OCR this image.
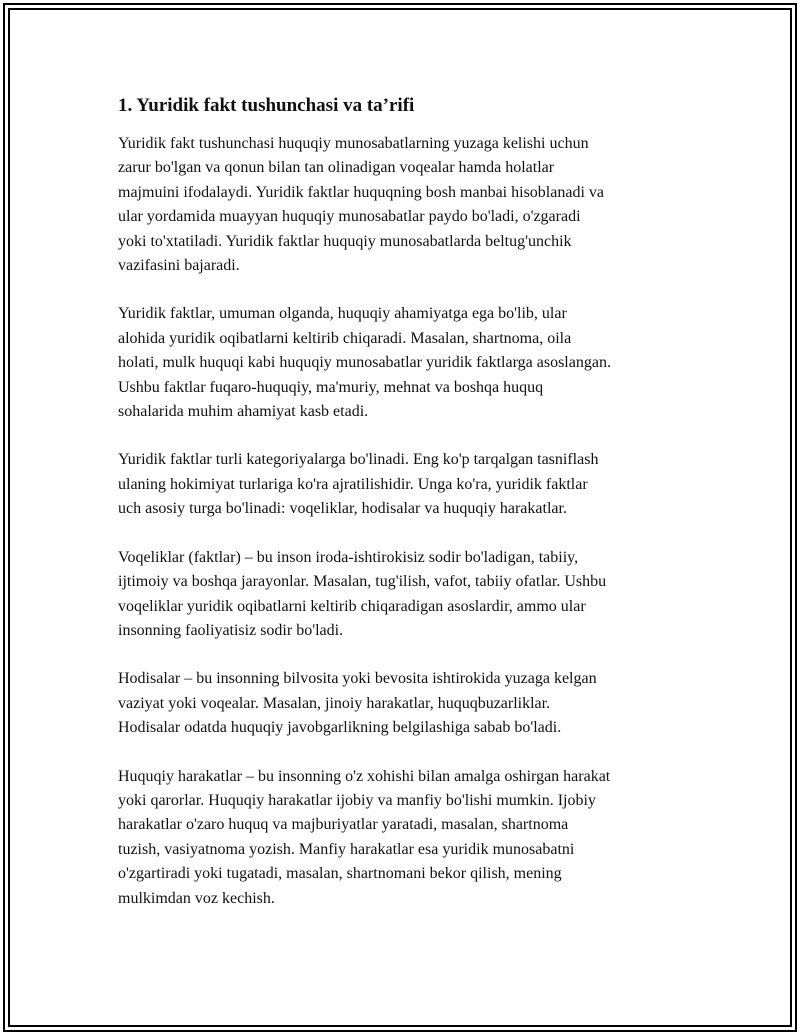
1. Yuridik fakt tushunchasi va ta’rifi

Yuridik fakt tushunchasi huquqiy munosabatlarning yuzaga kelishi uchun
zarur bo'lgan va qonun bilan tan olinadigan voqealar hamda holatlar
majmuini ifodalaydi. Yuridik faktlar huquqning bosh manbai hisoblanadi va
ular yordamida muayyan huquqiy munosabatlar paydo bo'ladi, o'zgaradi
yoki to'xtatiladi. Yuridik faktlar huquqiy munosabatlarda beltug'unchik
vazifasini bajaradi.

Yuridik faktlar, umuman olganda, huquqiy ahamiyatga ega bo'lib, ular
alohida yuridik oqibatlarni keltirib chiqaradi. Masalan, shartnoma, oila
holati, mulk huquqi kabi huquqiy munosabatlar yuridik faktlarga asoslangan.
Ushbu faktlar fuqaro-huquqiy, ma'muriy, mehnat va boshqa huquq
sohalarida muhim ahamiyat kasb etadi.

Yuridik faktlar turli kategoriyalarga bo'linadi. Eng ko'p tarqalgan tasniflash
ulaning hokimiyat turlariga ko'ra ajratilishidir. Unga ko'ra, yuridik faktlar
uch asosiy turga bo'linadi: voqeliklar, hodisalar va huquqiy harakatlar.

Voqeliklar (faktlar) – bu inson iroda-ishtirokisiz sodir bo'ladigan, tabiiy,
ijtimoiy va boshqa jarayonlar. Masalan, tug'ilish, vafot, tabiiy ofatlar. Ushbu
voqeliklar yuridik oqibatlarni keltirib chiqaradigan asoslardir, ammo ular
insonning faoliyatisiz sodir bo'ladi.

Hodisalar – bu insonning bilvosita yoki bevosita ishtirokida yuzaga kelgan
vaziyat yoki voqealar. Masalan, jinoiy harakatlar, huquqbuzarliklar.
Hodisalar odatda huquqiy javobgarlikning belgilashiga sabab bo'ladi.

Huquqiy harakatlar – bu insonning o'z xohishi bilan amalga oshirgan harakat
yoki qarorlar. Huquqiy harakatlar ijobiy va manfiy bo'lishi mumkin. Ijobiy
harakatlar o'zaro huquq va majburiyatlar yaratadi, masalan, shartnoma
tuzish, vasiyatnoma yozish. Manfiy harakatlar esa yuridik munosabatni
o'zgartiradi yoki tugatadi, masalan, shartnomani bekor qilish, mening
mulkimdan voz kechish.
